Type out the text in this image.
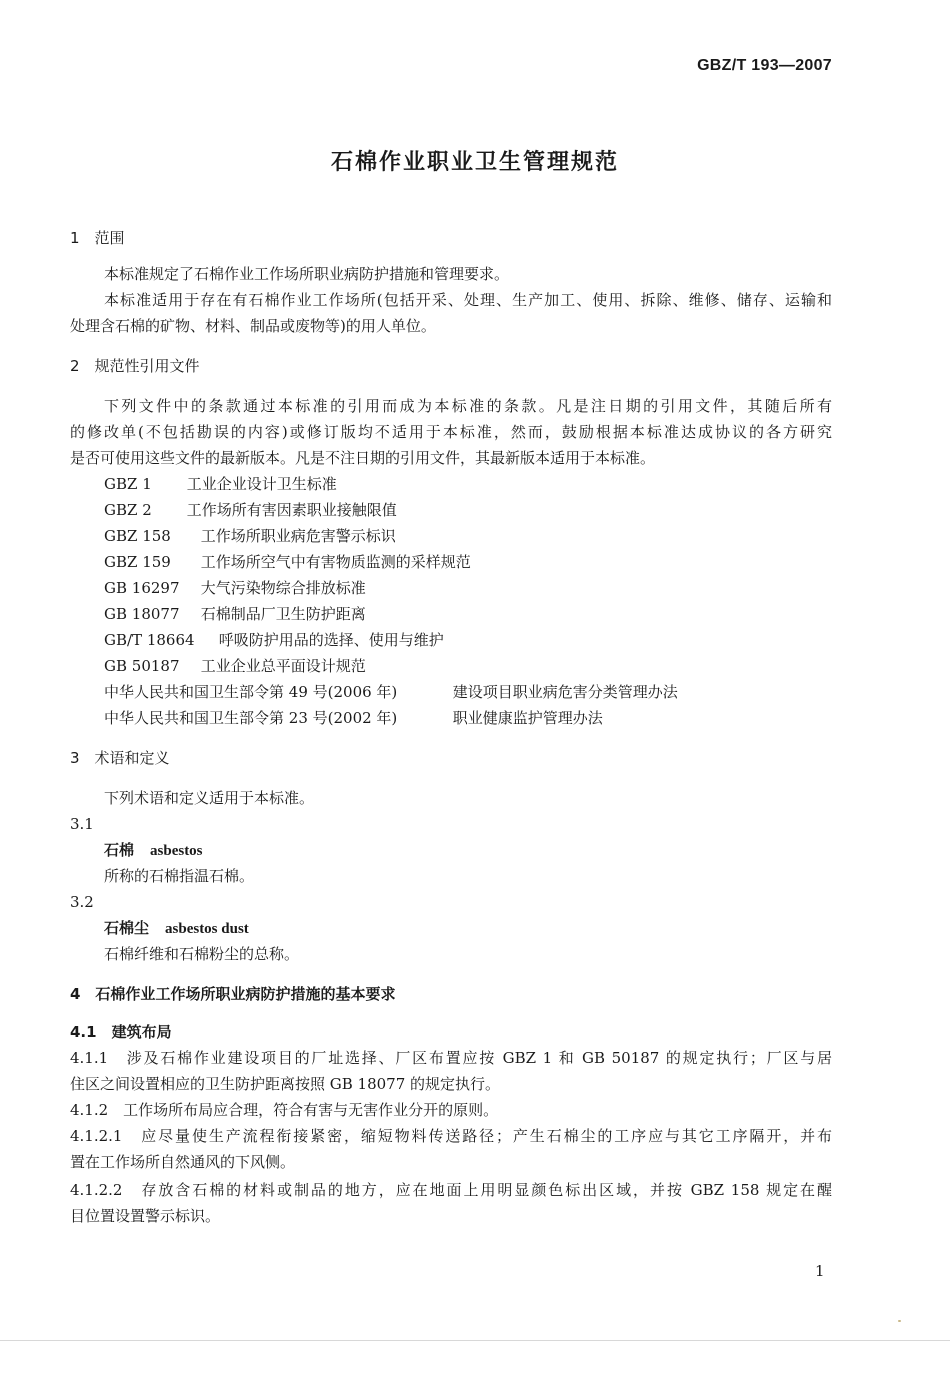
GBZ/T 193—2007
石棉作业职业卫生管理规范
1　范围
本标准规定了石棉作业工作场所职业病防护措施和管理要求。
本标准适用于存在有石棉作业工作场所(包括开采、处理、生产加工、使用、拆除、维修、储存、运输和
处理含石棉的矿物、材料、制品或废物等)的用人单位。
2　规范性引用文件
下列文件中的条款通过本标准的引用而成为本标准的条款。凡是注日期的引用文件，其随后所有
的修改单(不包括勘误的内容)或修订版均不适用于本标准，然而，鼓励根据本标准达成协议的各方研究
是否可使用这些文件的最新版本。凡是不注日期的引用文件，其最新版本适用于本标准。
GBZ 1 工业企业设计卫生标准
GBZ 2 工作场所有害因素职业接触限值
GBZ 158 工作场所职业病危害警示标识
GBZ 159 工作场所空气中有害物质监测的采样规范
GB 16297 大气污染物综合排放标准
GB 18077 石棉制品厂卫生防护距离
GB/T 18664 呼吸防护用品的选择、使用与维护
GB 50187 工业企业总平面设计规范
中华人民共和国卫生部令第 49 号(2006 年)	建设项目职业病危害分类管理办法
中华人民共和国卫生部令第 23 号(2002 年)	职业健康监护管理办法
3　术语和定义
下列术语和定义适用于本标准。
3.1
石棉 asbestos
所称的石棉指温石棉。
3.2
石棉尘 asbestos dust
石棉纤维和石棉粉尘的总称。
4　石棉作业工作场所职业病防护措施的基本要求
4.1　建筑布局
4.1.1　涉及石棉作业建设项目的厂址选择、厂区布置应按 GBZ 1 和 GB 50187 的规定执行；厂区与居
住区之间设置相应的卫生防护距离按照 GB 18077 的规定执行。
4.1.2　工作场所布局应合理，符合有害与无害作业分开的原则。
4.1.2.1　应尽量使生产流程衔接紧密，缩短物料传送路径；产生石棉尘的工序应与其它工序隔开，并布
置在工作场所自然通风的下风侧。
4.1.2.2　存放含石棉的材料或制品的地方，应在地面上用明显颜色标出区域，并按 GBZ 158 规定在醒
目位置设置警示标识。
1
